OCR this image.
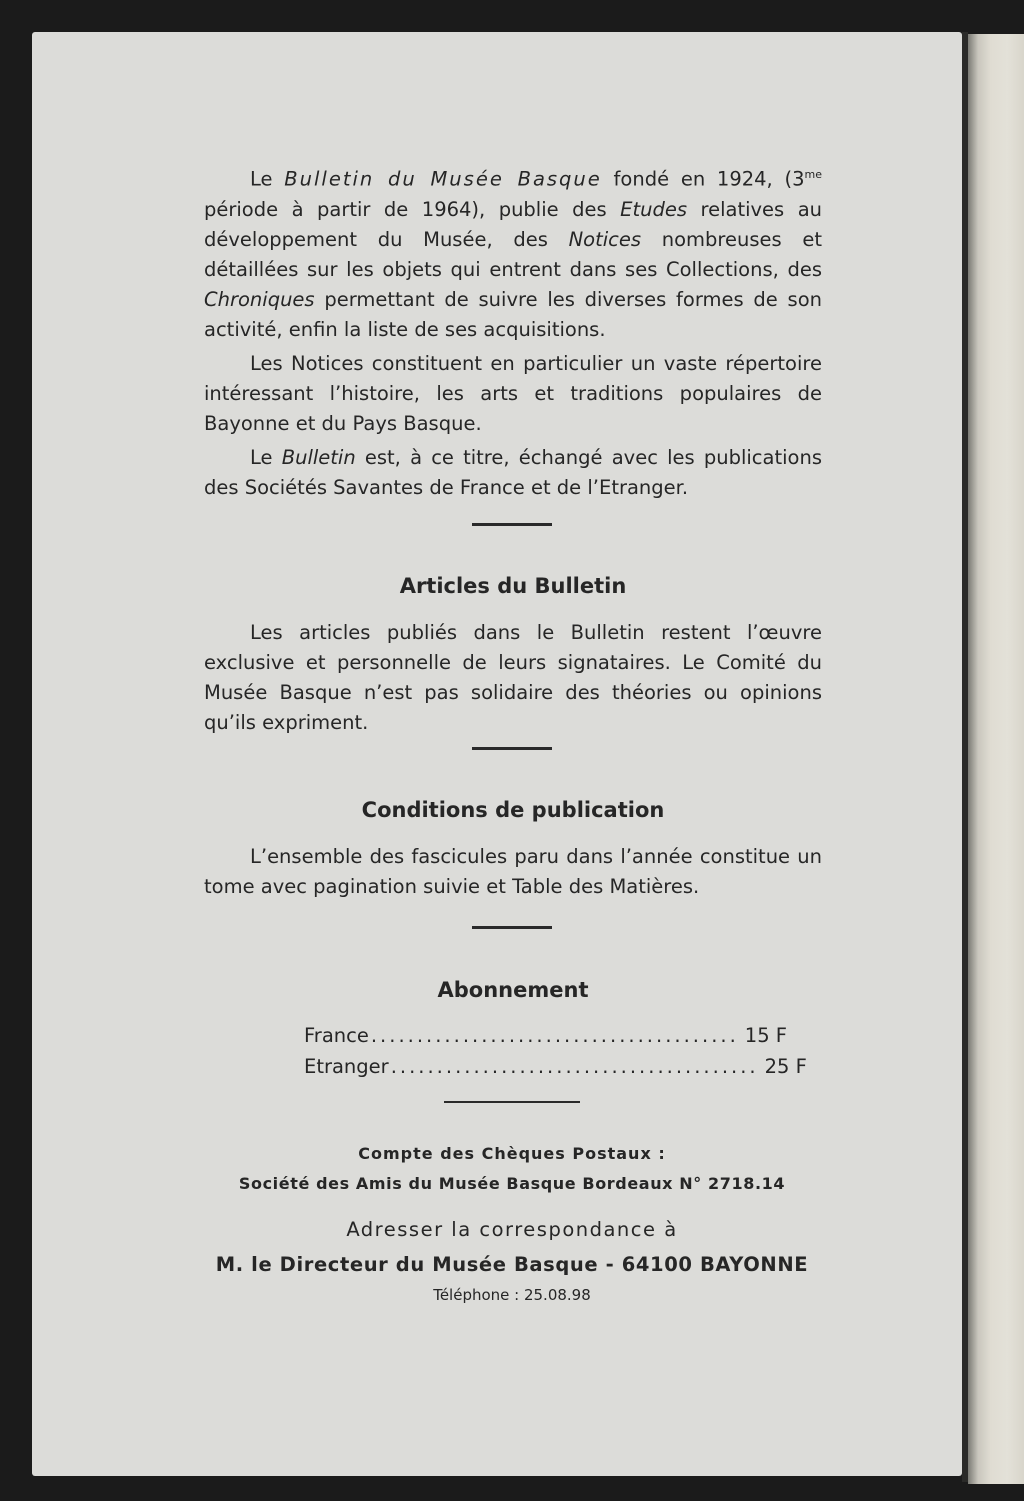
Le Bulletin du Musée Basque fondé en 1924, ($3^{me}$ période à partir de 1964), publie des Etudes relatives au développement du Musée, des Notices nombreuses et détaillées sur les objets qui entrent dans ses Collections, des Chroniques permettant de suivre les diverses formes de son activité, enfin la liste de ses acquisitions.

Les Notices constituent en particulier un vaste répertoire intéressant l’histoire, les arts et traditions populaires de Bayonne et du Pays Basque.

Le Bulletin est, à ce titre, échangé avec les publications des Sociétés Savantes de France et de l’Etranger.

Articles du Bulletin

Les articles publiés dans le Bulletin restent l’œuvre exclusive et personnelle de leurs signataires. Le Comité du Musée Basque n’est pas solidaire des théories ou opinions qu’ils expriment.

Conditions de publication

L’ensemble des fascicules paru dans l’année constitue un tome avec pagination suivie et Table des Matières.

Abonnement
France ........................................ 15 F
Etranger ........................................ 25 F
Compte des Chèques Postaux :
Société des Amis du Musée Basque Bordeaux N° 2718.14
Adresser la correspondance à
M. le Directeur du Musée Basque - 64100 BAYONNE
Téléphone : 25.08.98
